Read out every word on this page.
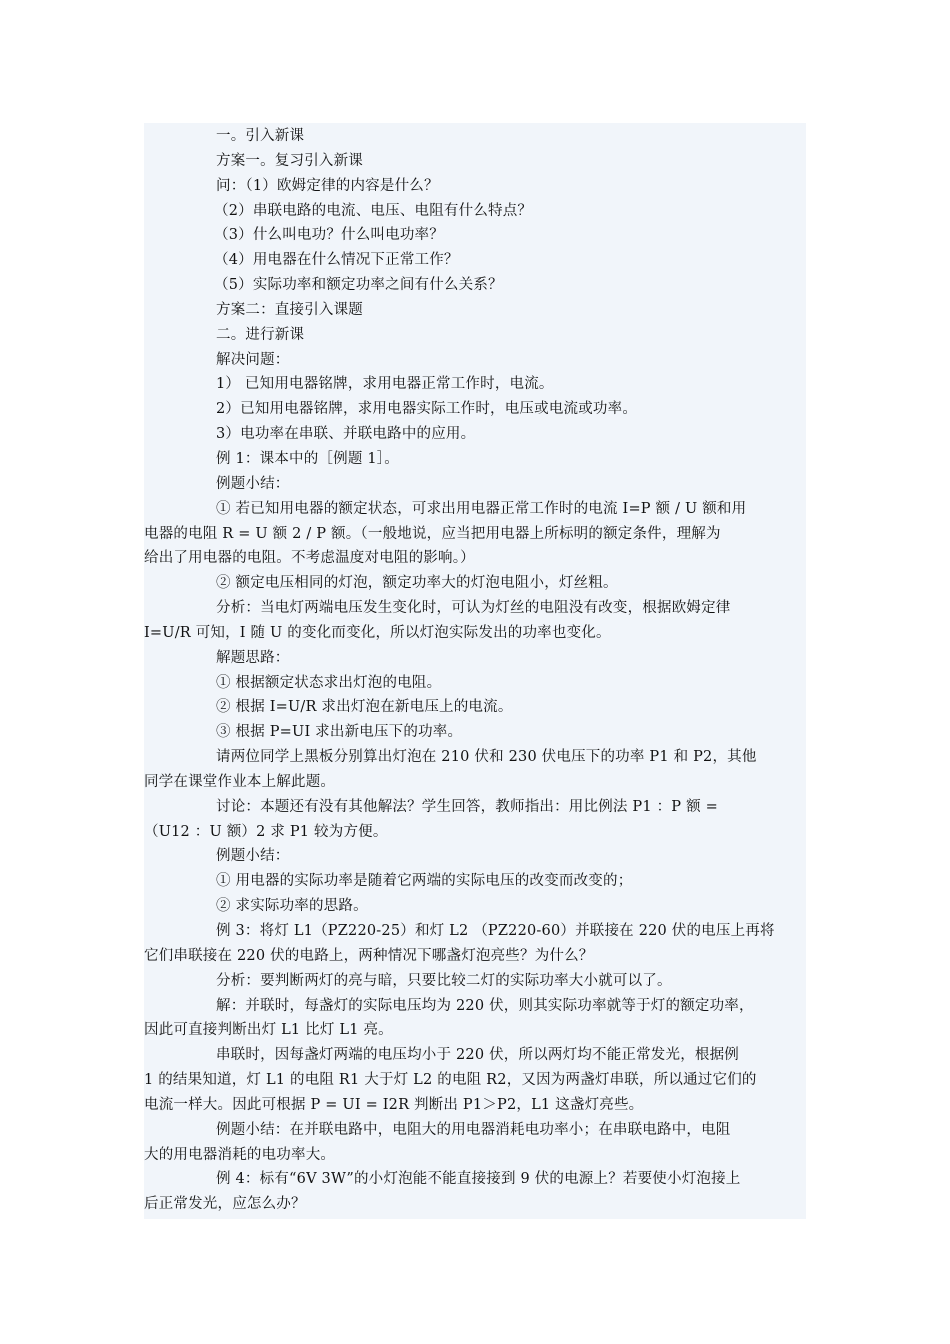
一。引入新课
方案一。复习引入新课
问：（1）欧姆定律的内容是什么？
（2）串联电路的电流、电压、电阻有什么特点？
（3）什么叫电功？什么叫电功率？
（4）用电器在什么情况下正常工作？
（5）实际功率和额定功率之间有什么关系？
方案二：直接引入课题
二。进行新课
解决问题：
1） 已知用电器铭牌，求用电器正常工作时，电流。
2）已知用电器铭牌，求用电器实际工作时，电压或电流或功率。
3）电功率在串联、并联电路中的应用。
例 1：课本中的［例题 1］。
例题小结：
① 若已知用电器的额定状态，可求出用电器正常工作时的电流 I=P 额 / U 额和用
电器的电阻 R = U 额 2 / P 额。（一般地说，应当把用电器上所标明的额定条件，理解为
给出了用电器的电阻。不考虑温度对电阻的影响。）
② 额定电压相同的灯泡，额定功率大的灯泡电阻小，灯丝粗。
分析：当电灯两端电压发生变化时，可认为灯丝的电阻没有改变，根据欧姆定律
I=U/R 可知，I 随 U 的变化而变化，所以灯泡实际发出的功率也变化。
解题思路：
① 根据额定状态求出灯泡的电阻。
② 根据 I=U/R 求出灯泡在新电压上的电流。
③ 根据 P=UI 求出新电压下的功率。
请两位同学上黑板分别算出灯泡在 210 伏和 230 伏电压下的功率 P1 和 P2，其他
同学在课堂作业本上解此题。
讨论：本题还有没有其他解法？学生回答，教师指出：用比例法 P1 ：P 额 =
（U12 ：U 额）2 求 P1 较为方便。
例题小结：
① 用电器的实际功率是随着它两端的实际电压的改变而改变的；
② 求实际功率的思路。
例 3：将灯 L1（PZ220-25）和灯 L2 （PZ220-60）并联接在 220 伏的电压上再将
它们串联接在 220 伏的电路上，两种情况下哪盏灯泡亮些？为什么？
分析：要判断两灯的亮与暗，只要比较二灯的实际功率大小就可以了。
解：并联时，每盏灯的实际电压均为 220 伏，则其实际功率就等于灯的额定功率，
因此可直接判断出灯 L1 比灯 L1 亮。
串联时，因每盏灯两端的电压均小于 220 伏，所以两灯均不能正常发光，根据例
1 的结果知道，灯 L1 的电阻 R1 大于灯 L2 的电阻 R2，又因为两盏灯串联，所以通过它们的
电流一样大。因此可根据 P = UI = I2R 判断出 P1＞P2，L1 这盏灯亮些。
例题小结：在并联电路中，电阻大的用电器消耗电功率小；在串联电路中，电阻
大的用电器消耗的电功率大。
例 4：标有“6V 3W”的小灯泡能不能直接接到 9 伏的电源上？若要使小灯泡接上
后正常发光，应怎么办？
